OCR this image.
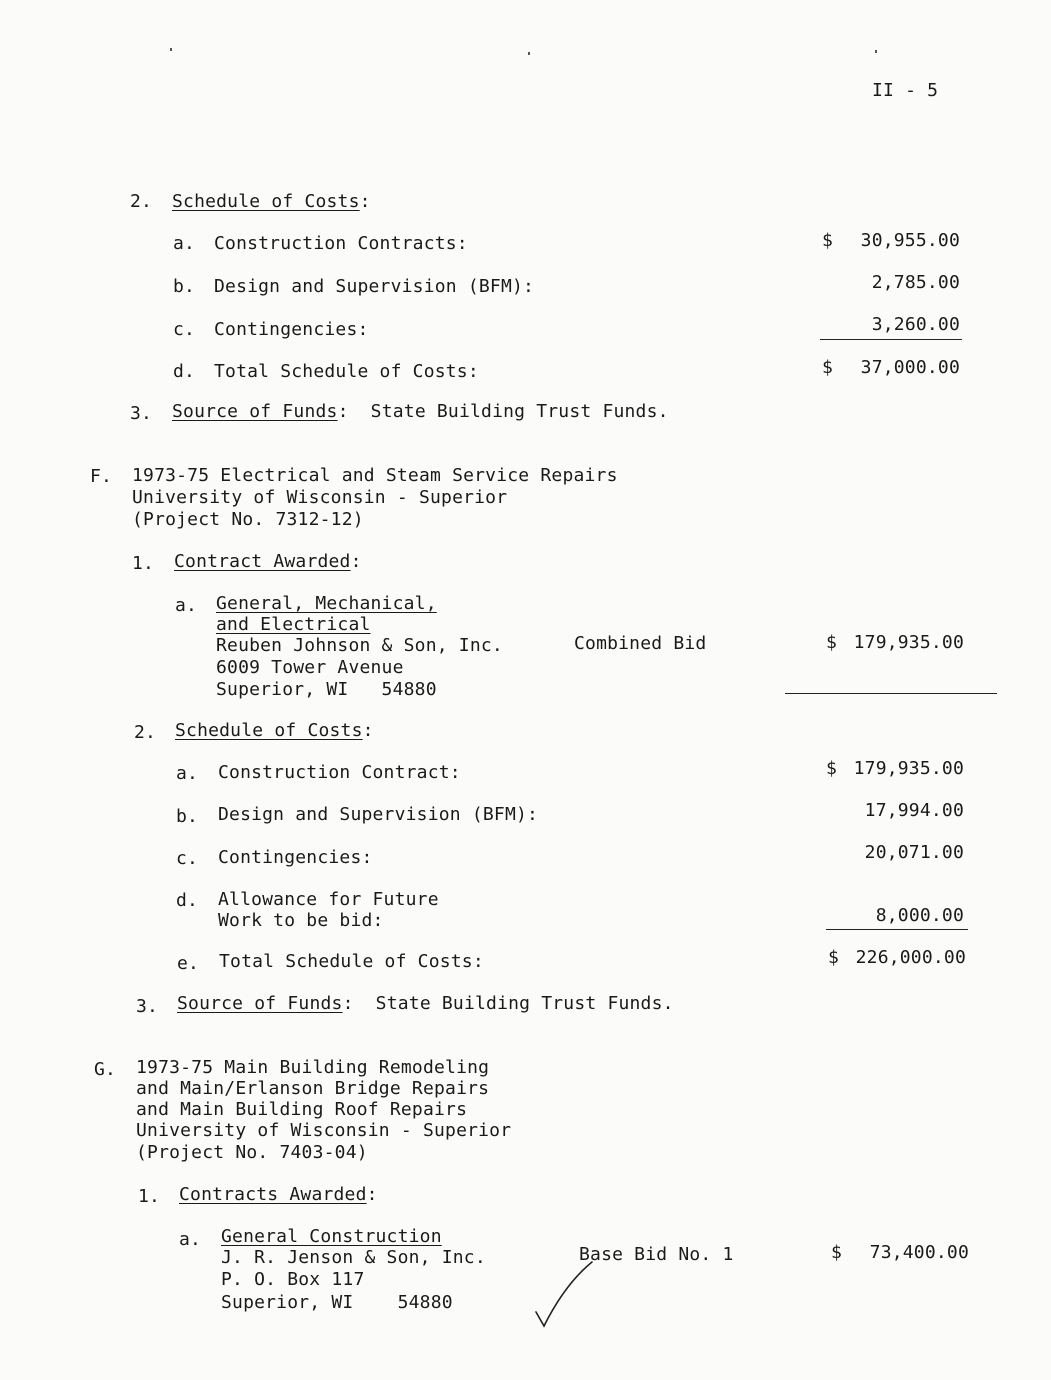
II - 5
2. Schedule of Costs:
a. Construction Contracts:	$	30,955.00
b. Design and Supervision (BFM):	2,785.00
c. Contingencies:	3,260.00
d. Total Schedule of Costs:	$	37,000.00
3. Source of Funds:  State Building Trust Funds.
F. 1973-75 Electrical and Steam Service Repairs
University of Wisconsin - Superior
(Project No. 7312-12)
1. Contract Awarded:
a. General, Mechanical,
and Electrical
Reuben Johnson & Son, Inc.
6009 Tower Avenue
Superior, WI   54880
Combined Bid	$ 179,935.00
2. Schedule of Costs:
a. Construction Contract:	$ 179,935.00
b. Design and Supervision (BFM):	17,994.00
c. Contingencies:	20,071.00
d. Allowance for Future
Work to be bid:	8,000.00
e. Total Schedule of Costs:	$ 226,000.00
3. Source of Funds:  State Building Trust Funds.
G. 1973-75 Main Building Remodeling
and Main/Erlanson Bridge Repairs
and Main Building Roof Repairs
University of Wisconsin - Superior
(Project No. 7403-04)
1. Contracts Awarded:
a. General Construction
J. R. Jenson & Son, Inc.
P. O. Box 117
Superior, WI    54880
Base Bid No. 1	$	73,400.00
